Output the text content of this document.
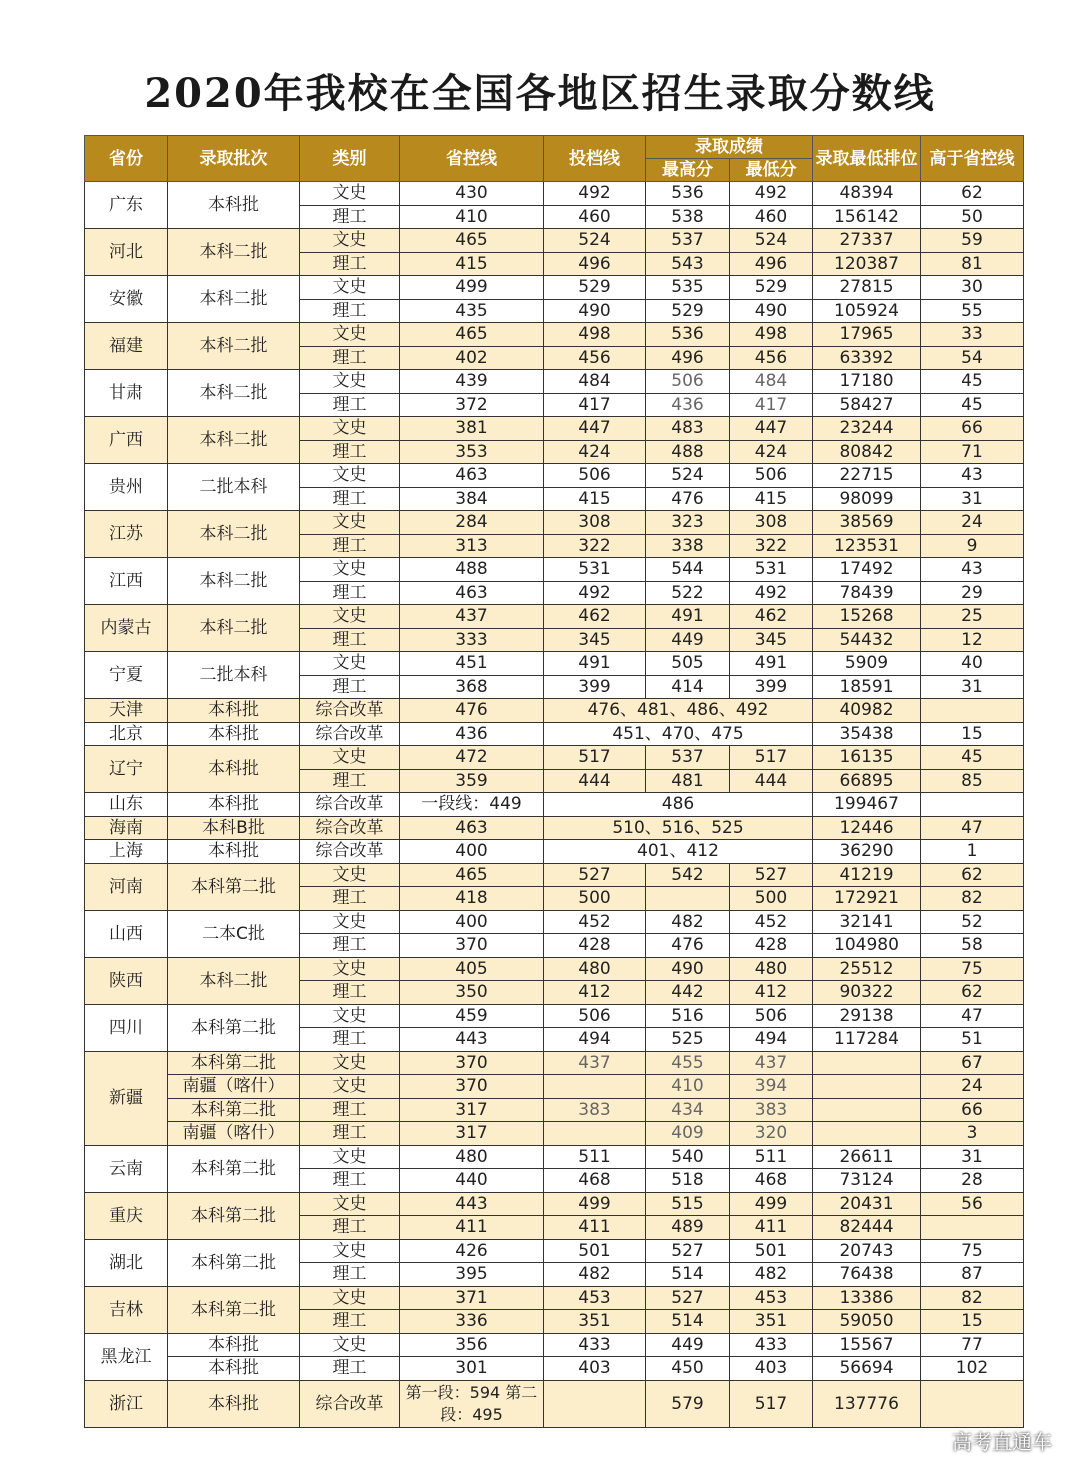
2020年我校在全国各地区招生录取分数线
省份	录取批次	类别	省控线	投档线	录取成绩		录取最低排位	高于省控线
					最高分	最低分		
广东	本科批	文史	430	492	536	492	48394	62
		理工	410	460	538	460	156142	50
河北	本科二批	文史	465	524	537	524	27337	59
		理工	415	496	543	496	120387	81
安徽	本科二批	文史	499	529	535	529	27815	30
		理工	435	490	529	490	105924	55
福建	本科二批	文史	465	498	536	498	17965	33
		理工	402	456	496	456	63392	54
甘肃	本科二批	文史	439	484	506	484	17180	45
		理工	372	417	436	417	58427	45
广西	本科二批	文史	381	447	483	447	23244	66
		理工	353	424	488	424	80842	71
贵州	二批本科	文史	463	506	524	506	22715	43
		理工	384	415	476	415	98099	31
江苏	本科二批	文史	284	308	323	308	38569	24
		理工	313	322	338	322	123531	9
江西	本科二批	文史	488	531	544	531	17492	43
		理工	463	492	522	492	78439	29
内蒙古	本科二批	文史	437	462	491	462	15268	25
		理工	333	345	449	345	54432	12
宁夏	二批本科	文史	451	491	505	491	5909	40
		理工	368	399	414	399	18591	31
天津	本科批	综合改革	476	476、481、486、492			40982	
北京	本科批	综合改革	436	451、470、475			35438	15
辽宁	本科批	文史	472	517	537	517	16135	45
		理工	359	444	481	444	66895	85
山东	本科批	综合改革	一段线：449	486			199467	
海南	本科B批	综合改革	463	510、516、525			12446	47
上海	本科批	综合改革	400	401、412			36290	1
河南	本科第二批	文史	465	527	542	527	41219	62
		理工	418	500		500	172921	82
山西	二本C批	文史	400	452	482	452	32141	52
		理工	370	428	476	428	104980	58
陕西	本科二批	文史	405	480	490	480	25512	75
		理工	350	412	442	412	90322	62
四川	本科第二批	文史	459	506	516	506	29138	47
		理工	443	494	525	494	117284	51
新疆	本科第二批	文史	370	437	455	437		67
	南疆（喀什）	文史	370		410	394		24
	本科第二批	理工	317	383	434	383		66
	南疆（喀什）	理工	317		409	320		3
云南	本科第二批	文史	480	511	540	511	26611	31
		理工	440	468	518	468	73124	28
重庆	本科第二批	文史	443	499	515	499	20431	56
		理工	411	411	489	411	82444	
湖北	本科第二批	文史	426	501	527	501	20743	75
		理工	395	482	514	482	76438	87
吉林	本科第二批	文史	371	453	527	453	13386	82
		理工	336	351	514	351	59050	15
黑龙江	本科批	文史	356	433	449	433	15567	77
	本科批	理工	301	403	450	403	56694	102
浙江	本科批	综合改革	第一段：594 第二段：495		579	517	137776	
高考直通车
